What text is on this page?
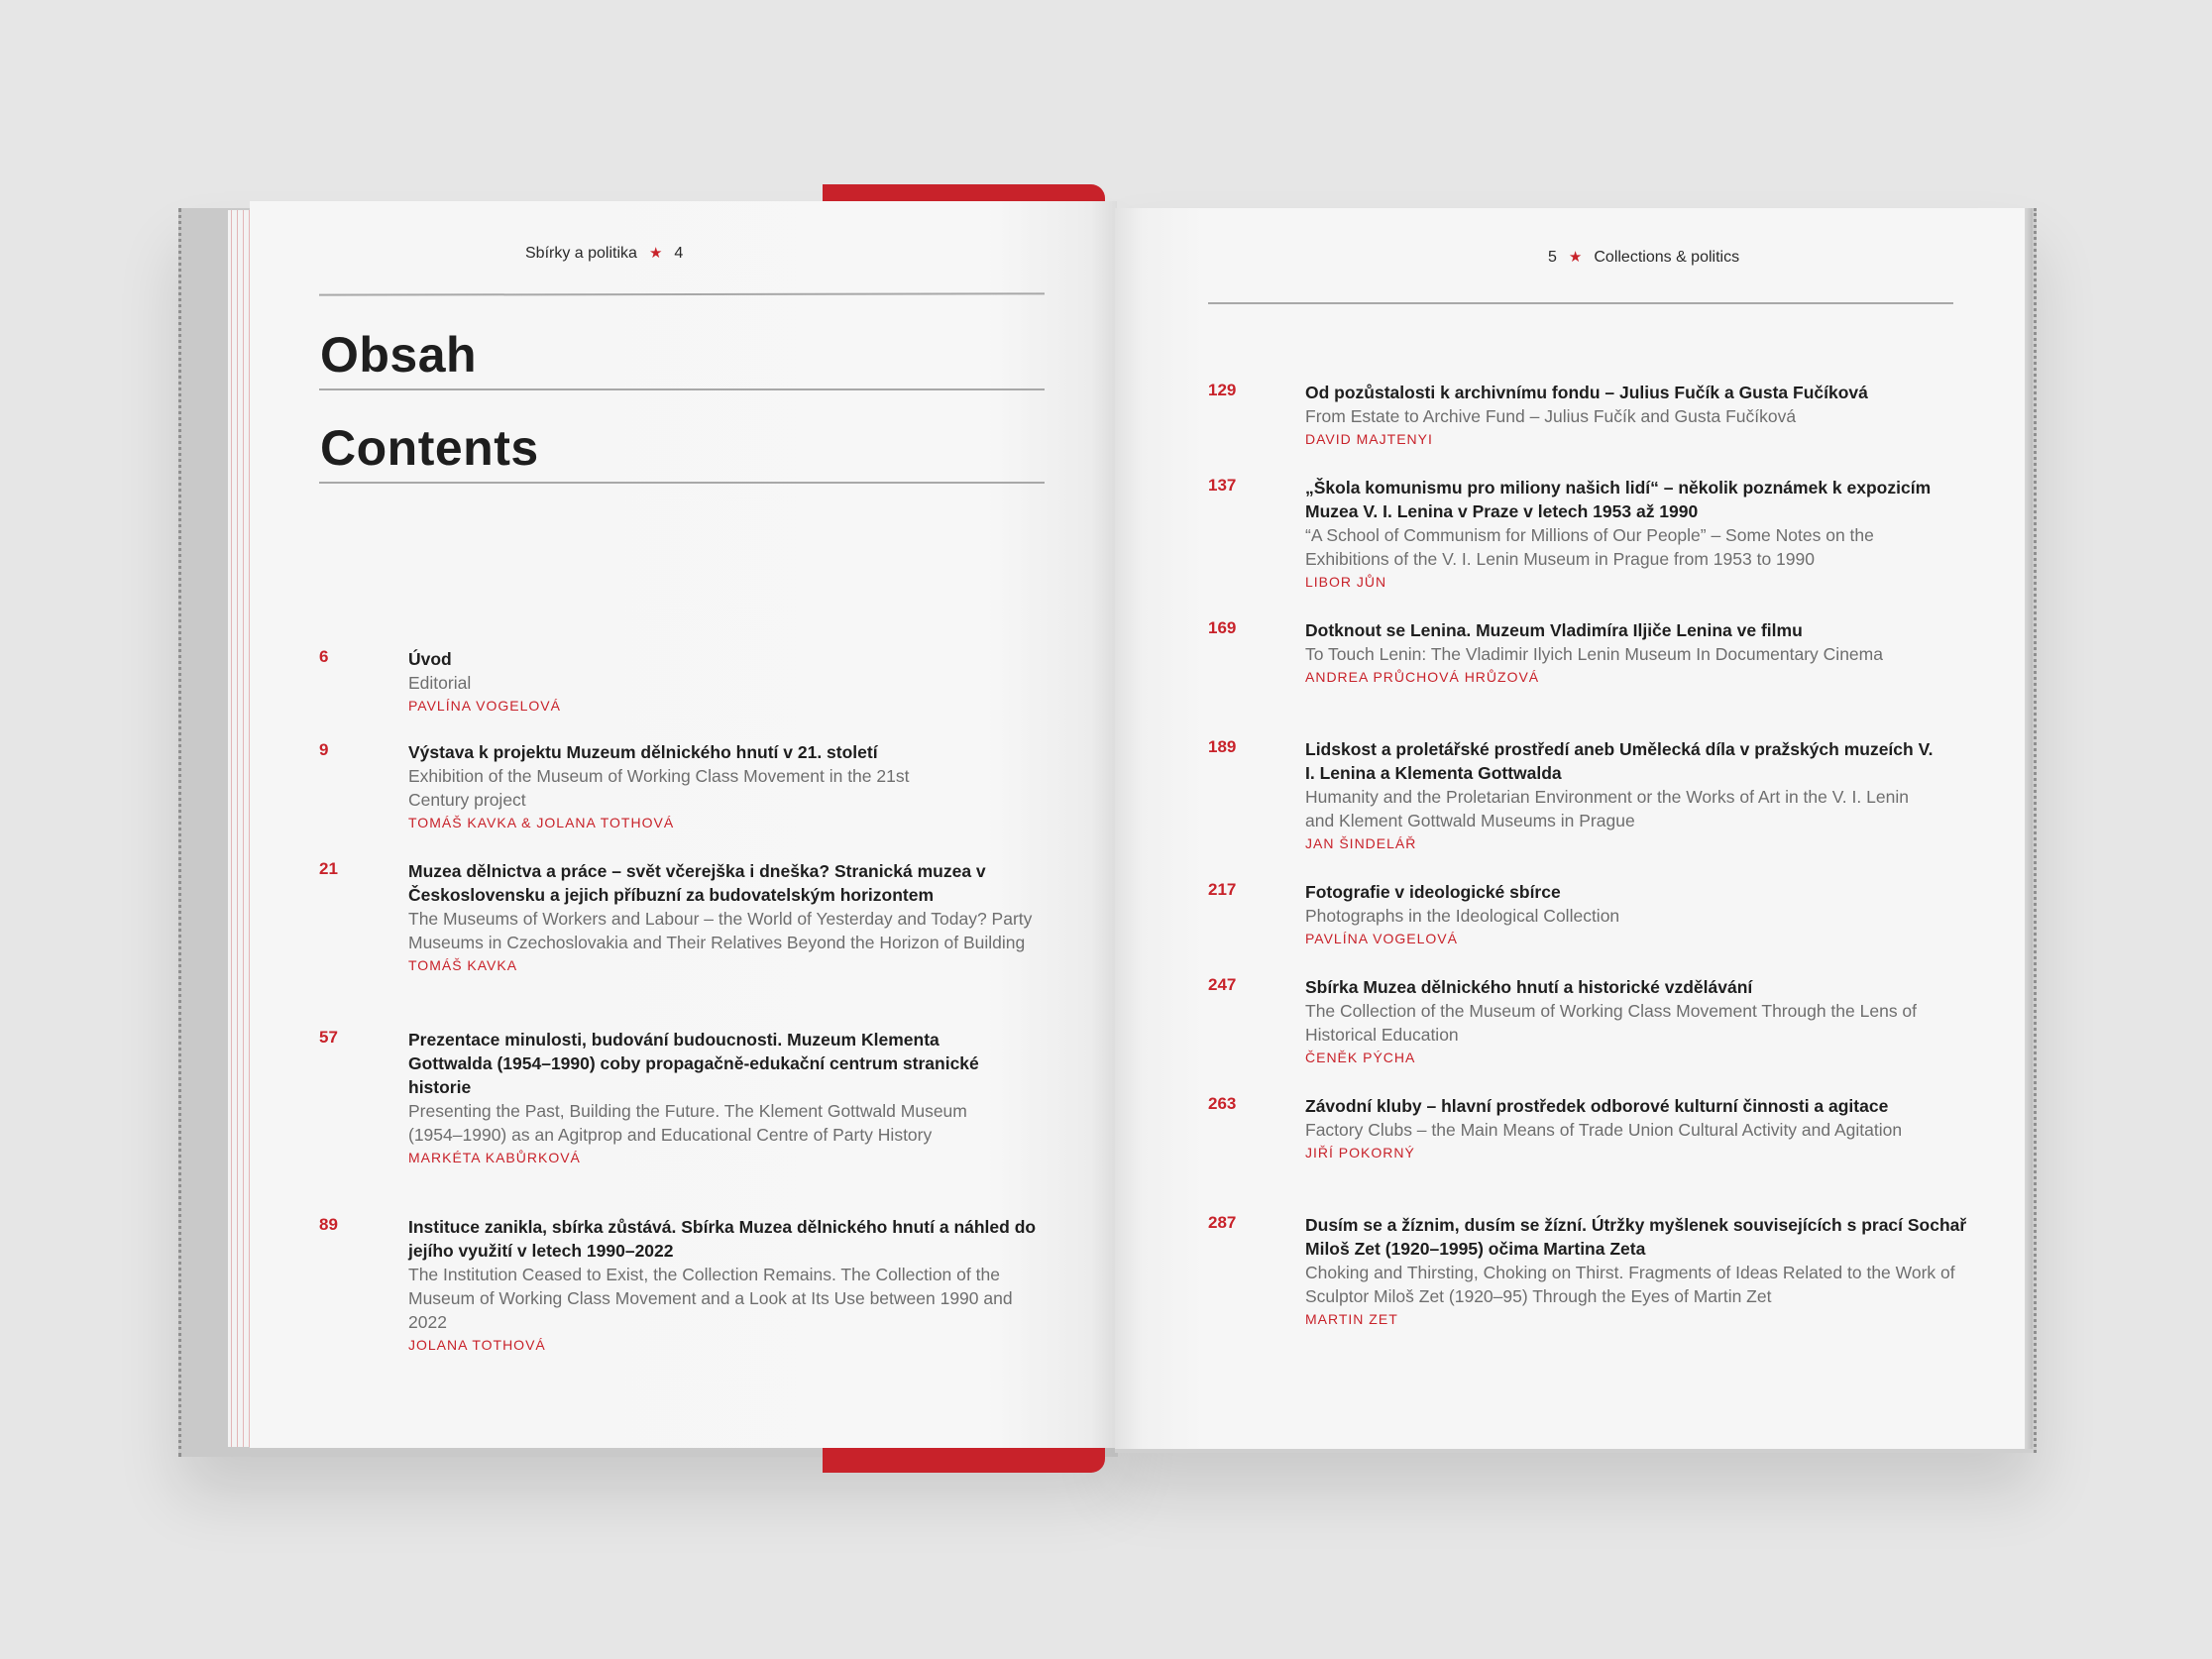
Sbírky a politika ★ 4
Obsah
Contents
6	Úvod
Editorial
PAVLÍNA VOGELOVÁ
9	Výstava k projektu Muzeum dělnického hnutí v 21. století
Exhibition of the Museum of Working Class Movement in the 21st Century project
TOMÁŠ KAVKA & JOLANA TOTHOVÁ
21	Muzea dělnictva a práce – svět včerejška i dneška? Stranická muzea v Československu a jejich příbuzní za budovatelským horizontem
The Museums of Workers and Labour – the World of Yesterday and Today? Party Museums in Czechoslovakia and Their Relatives Beyond the Horizon of Building
TOMÁŠ KAVKA
57	Prezentace minulosti, budování budoucnosti. Muzeum Klementa Gottwalda (1954–1990) coby propagačně-edukační centrum stranické historie
Presenting the Past, Building the Future. The Klement Gottwald Museum (1954–1990) as an Agitprop and Educational Centre of Party History
MARKÉTA KABŮRKOVÁ
89	Instituce zanikla, sbírka zůstává. Sbírka Muzea dělnického hnutí a náhled do jejího využití v letech 1990–2022
The Institution Ceased to Exist, the Collection Remains. The Collection of the Museum of Working Class Movement and a Look at Its Use between 1990 and 2022
JOLANA TOTHOVÁ
5 ★ Collections & politics
129	Od pozůstalosti k archivnímu fondu – Julius Fučík a Gusta Fučíková
From Estate to Archive Fund – Julius Fučík and Gusta Fučíková
DAVID MAJTENYI
137	„Škola komunismu pro miliony našich lidí“ – několik poznámek k expozicím Muzea V. I. Lenina v Praze v letech 1953 až 1990
“A School of Communism for Millions of Our People” – Some Notes on the Exhibitions of the V. I. Lenin Museum in Prague from 1953 to 1990
LIBOR JŮN
169	Dotknout se Lenina. Muzeum Vladimíra Iljiče Lenina ve filmu
To Touch Lenin: The Vladimir Ilyich Lenin Museum In Documentary Cinema
ANDREA PRŮCHOVÁ HRŮZOVÁ
189	Lidskost a proletářské prostředí aneb Umělecká díla v pražských muzeích V. I. Lenina a Klementa Gottwalda
Humanity and the Proletarian Environment or the Works of Art in the V. I. Lenin and Klement Gottwald Museums in Prague
JAN ŠINDELÁŘ
217	Fotografie v ideologické sbírce
Photographs in the Ideological Collection
PAVLÍNA VOGELOVÁ
247	Sbírka Muzea dělnického hnutí a historické vzdělávání
The Collection of the Museum of Working Class Movement Through the Lens of Historical Education
ČENĚK PÝCHA
263	Závodní kluby – hlavní prostředek odborové kulturní činnosti a agitace
Factory Clubs – the Main Means of Trade Union Cultural Activity and Agitation
JIŘÍ POKORNÝ
287	Dusím se a žíznim, dusím se žízní. Útržky myšlenek souvisejících s prací Sochař Miloš Zet (1920–1995) očima Martina Zeta
Choking and Thirsting, Choking on Thirst. Fragments of Ideas Related to the Work of Sculptor Miloš Zet (1920–95) Through the Eyes of Martin Zet
MARTIN ZET
